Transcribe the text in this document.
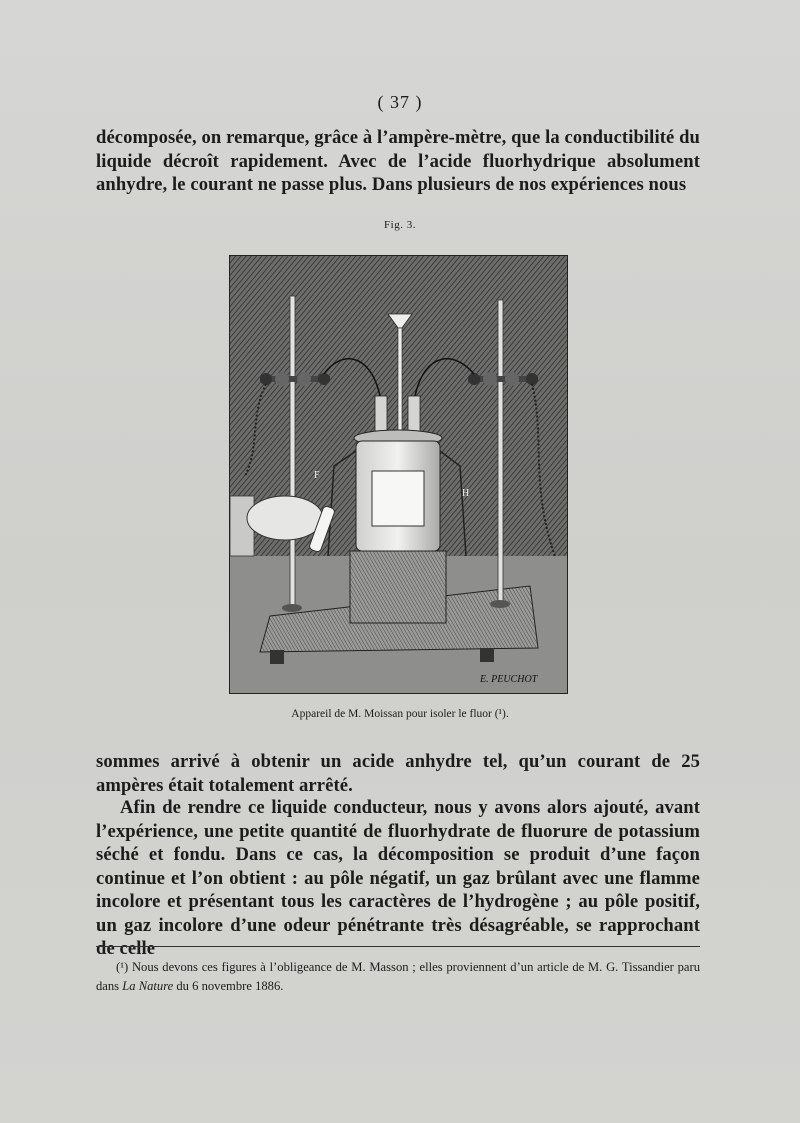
( 37 )
décomposée, on remarque, grâce à l’ampère-mètre, que la conductibilité du liquide décroît rapidement. Avec de l’acide fluorhydrique absolument anhydre, le courant ne passe plus. Dans plusieurs de nos expériences nous
Fig. 3.
F
H
E. PEUCHOT
Appareil de M. Moissan pour isoler le fluor (¹).
sommes arrivé à obtenir un acide anhydre tel, qu’un courant de 25 ampères était totalement arrêté.
Afin de rendre ce liquide conducteur, nous y avons alors ajouté, avant l’expérience, une petite quantité de fluorhydrate de fluorure de potassium séché et fondu. Dans ce cas, la décomposition se produit d’une façon continue et l’on obtient : au pôle négatif, un gaz brûlant avec une flamme incolore et présentant tous les caractères de l’hydrogène ; au pôle positif, un gaz incolore d’une odeur pénétrante très désagréable, se rapprochant de celle
(¹) Nous devons ces figures à l’obligeance de M. Masson ; elles proviennent d’un article de M. G. Tissandier paru dans La Nature du 6 novembre 1886.
